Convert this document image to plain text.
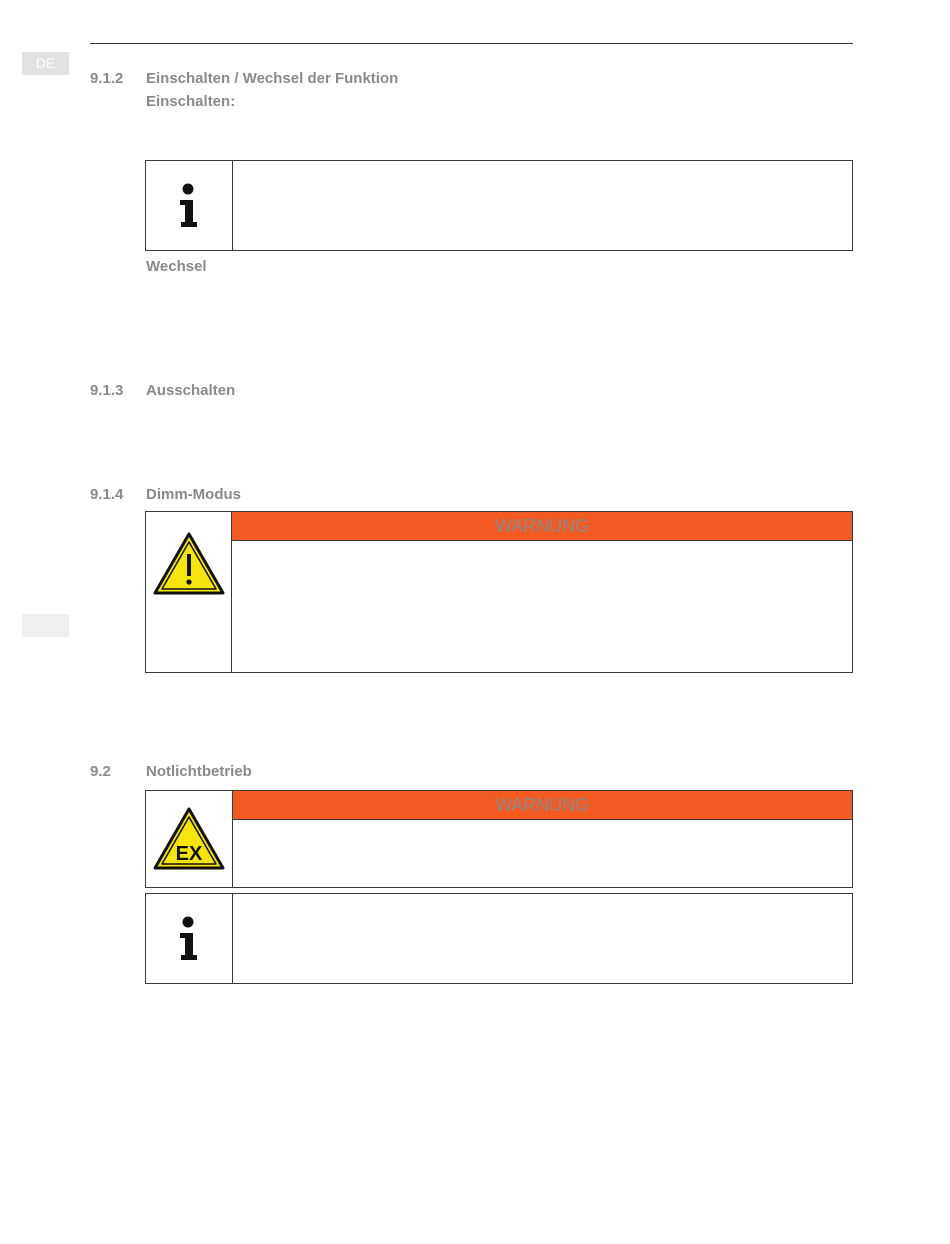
DE
9.1.2 Einschalten / Wechsel der Funktion
Einschalten:
Wechsel
9.1.3 Ausschalten
9.1.4 Dimm-Modus
WARNUNG
9.2 Notlichtbetrieb
WARNUNG
EX
